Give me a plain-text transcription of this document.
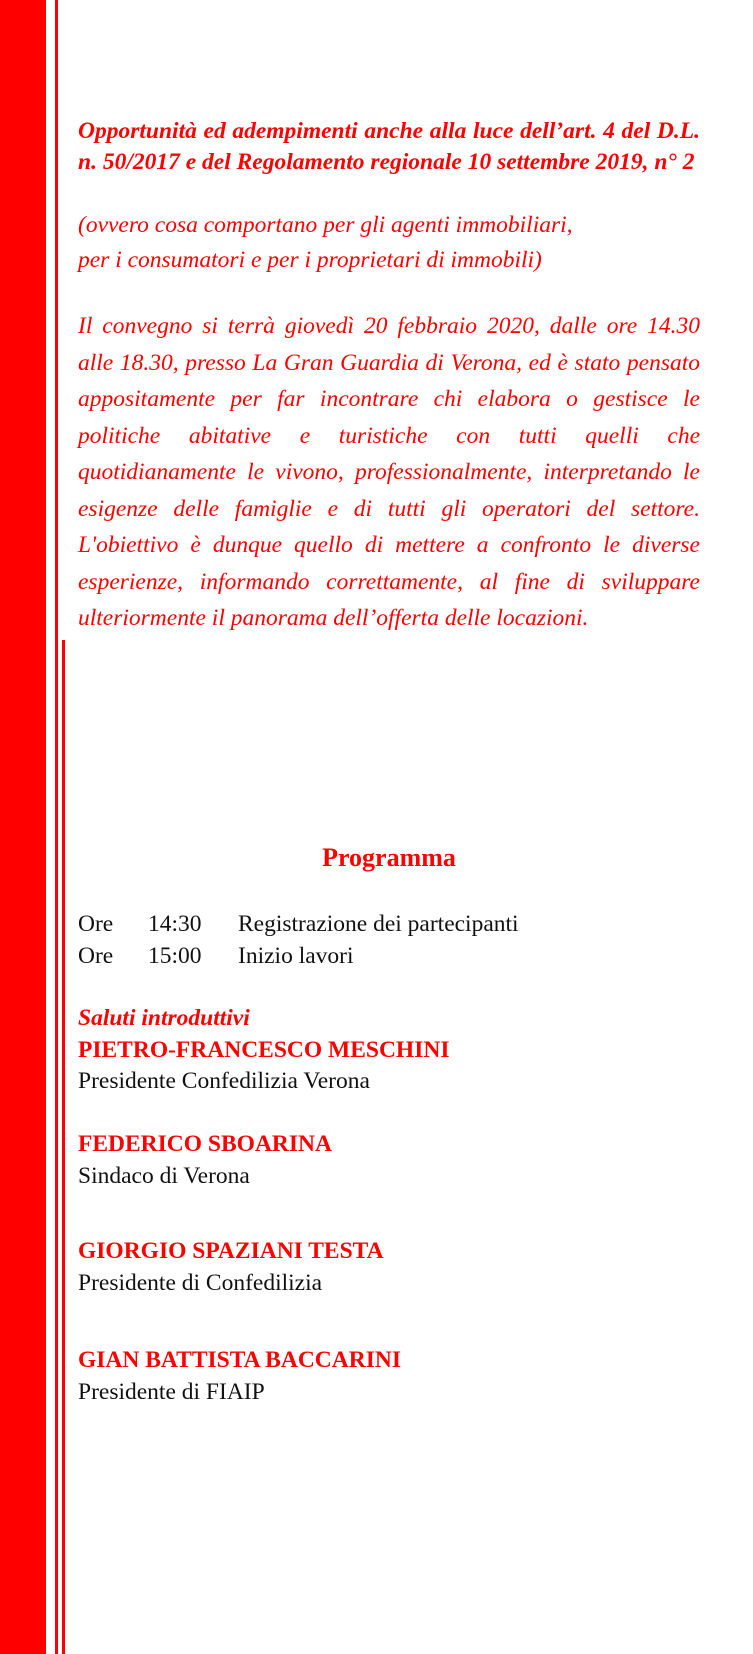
Opportunità ed adempimenti anche alla luce dell’art. 4 del D.L. n. 50/2017 e del Regolamento regionale 10 settembre 2019, n° 2

(ovvero cosa comportano per gli agenti immobiliari,
per i consumatori e per i proprietari di immobili)

Il convegno si terrà giovedì 20 febbraio 2020, dalle ore 14.30 alle 18.30, presso La Gran Guardia di Verona, ed è stato pensato appositamente per far incontrare chi elabora o gestisce le politiche abitative e turistiche con tutti quelli che quotidianamente le vivono, professionalmente, interpretando le esigenze delle famiglie e di tutti gli operatori del settore. L'obiettivo è dunque quello di mettere a confronto le diverse esperienze, informando correttamente, al fine di sviluppare ulteriormente il panorama dell’offerta delle locazioni.

Programma
Ore	14:30	Registrazione dei partecipanti
Ore	15:00	Inizio lavori
Saluti introduttivi
PIETRO-FRANCESCO MESCHINI
Presidente Confedilizia Verona
FEDERICO SBOARINA
Sindaco di Verona
GIORGIO SPAZIANI TESTA
Presidente di Confedilizia
GIAN BATTISTA BACCARINI
Presidente di FIAIP
